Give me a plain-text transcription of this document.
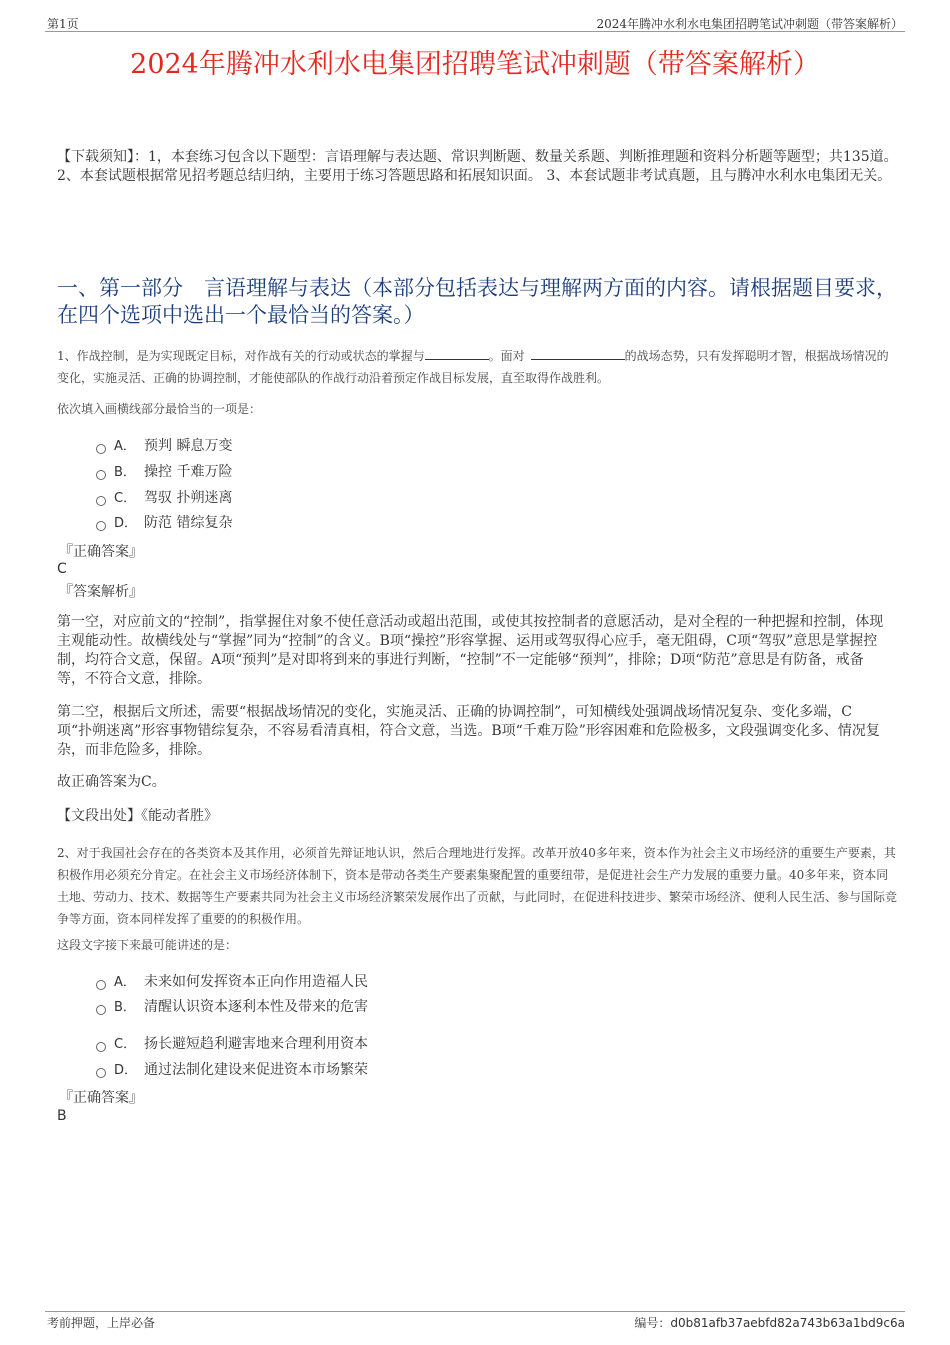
第1页	2024年腾冲水利水电集团招聘笔试冲刺题（带答案解析）
2024年腾冲水利水电集团招聘笔试冲刺题（带答案解析）
【下载须知】：1，本套练习包含以下题型：言语理解与表达题、常识判断题、数量关系题、判断推理题和资料分析题等题型；共135道。 2、本套试题根据常见招考题总结归纳，主要用于练习答题思路和拓展知识面。 3、本套试题非考试真题，且与腾冲水利水电集团无关。
一、第一部分　言语理解与表达（本部分包括表达与理解两方面的内容。请根据题目要求，在四个选项中选出一个最恰当的答案。）
1、作战控制，是为实现既定目标，对作战有关的行动或状态的掌握与	。面对	的战场态势，只有发挥聪明才智，根据战场情况的变化，实施灵活、正确的协调控制，才能使部队的作战行动沿着预定作战目标发展，直至取得作战胜利。
依次填入画横线部分最恰当的一项是：
A． 预判 瞬息万变
B． 操控 千难万险
C． 驾驭 扑朔迷离
D． 防范 错综复杂
『正确答案』
C
『答案解析』
第一空，对应前文的“控制”，指掌握住对象不使任意活动或超出范围，或使其按控制者的意愿活动，是对全程的一种把握和控制，体现主观能动性。故横线处与“掌握”同为“控制”的含义。B项“操控”形容掌握、运用或驾驭得心应手，毫无阻碍，C项“驾驭”意思是掌握控制，均符合文意，保留。A项“预判”是对即将到来的事进行判断，“控制”不一定能够“预判”，排除；D项“防范”意思是有防备，戒备等，不符合文意，排除。
第二空，根据后文所述，需要“根据战场情况的变化，实施灵活、正确的协调控制”，可知横线处强调战场情况复杂、变化多端，C项“扑朔迷离”形容事物错综复杂，不容易看清真相，符合文意，当选。B项“千难万险”形容困难和危险极多，文段强调变化多、情况复杂，而非危险多，排除。
故正确答案为C。
【文段出处】《能动者胜》
2、对于我国社会存在的各类资本及其作用，必须首先辩证地认识，然后合理地进行发挥。改革开放40多年来，资本作为社会主义市场经济的重要生产要素，其积极作用必须充分肯定。在社会主义市场经济体制下，资本是带动各类生产要素集聚配置的重要纽带，是促进社会生产力发展的重要力量。40多年来，资本同土地、劳动力、技术、数据等生产要素共同为社会主义市场经济繁荣发展作出了贡献，与此同时，在促进科技进步、繁荣市场经济、便利人民生活、参与国际竞争等方面，资本同样发挥了重要的的积极作用。
这段文字接下来最可能讲述的是：
A． 未来如何发挥资本正向作用造福人民
B． 清醒认识资本逐利本性及带来的危害
C． 扬长避短趋利避害地来合理利用资本
D． 通过法制化建设来促进资本市场繁荣
『正确答案』
B
考前押题，上岸必备	编号：d0b81afb37aebfd82a743b63a1bd9c6a
